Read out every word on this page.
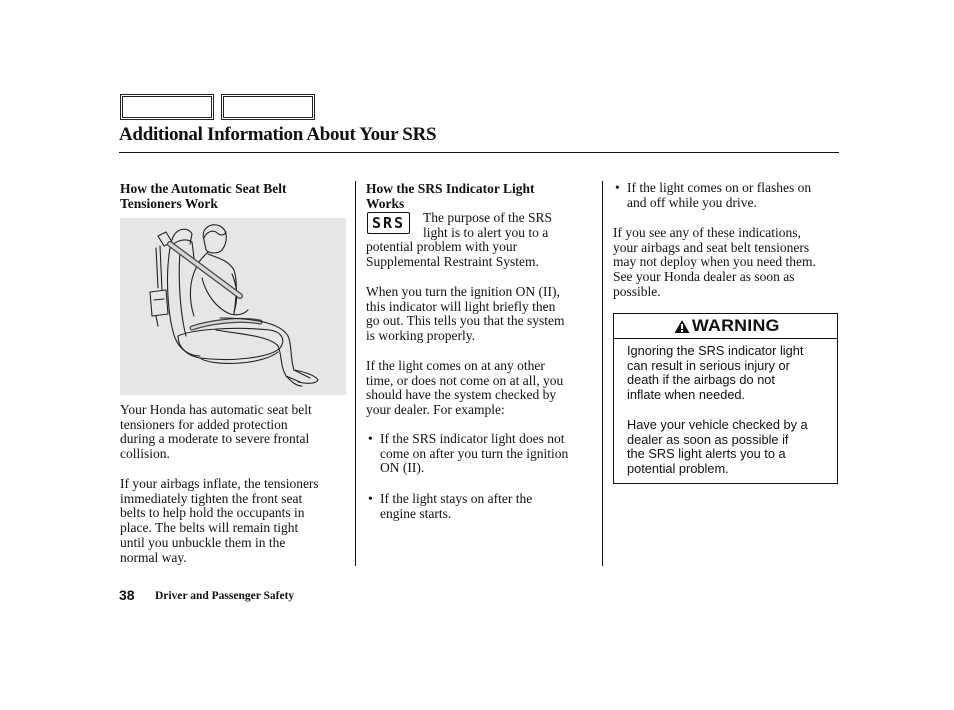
Additional Information About Your SRS
How the Automatic Seat Belt
Tensioners Work
Your Honda has automatic seat belt
tensioners for added protection
during a moderate to severe frontal
collision.
If your airbags inflate, the tensioners
immediately tighten the front seat
belts to help hold the occupants in
place. The belts will remain tight
until you unbuckle them in the
normal way.
How the SRS Indicator Light
Works
SRS	The purpose of the SRS
light is to alert you to a
potential problem with your
Supplemental Restraint System.
When you turn the ignition ON (II),
this indicator will light briefly then
go out. This tells you that the system
is working properly.
If the light comes on at any other
time, or does not come on at all, you
should have the system checked by
your dealer. For example:
• If the SRS indicator light does not
come on after you turn the ignition
ON (II).
• If the light stays on after the
engine starts.
• If the light comes on or flashes on
and off while you drive.
If you see any of these indications,
your airbags and seat belt tensioners
may not deploy when you need them.
See your Honda dealer as soon as
possible.
WARNING
Ignoring the SRS indicator light
can result in serious injury or
death if the airbags do not
inflate when needed.
Have your vehicle checked by a
dealer as soon as possible if
the SRS light alerts you to a
potential problem.
38 Driver and Passenger Safety
